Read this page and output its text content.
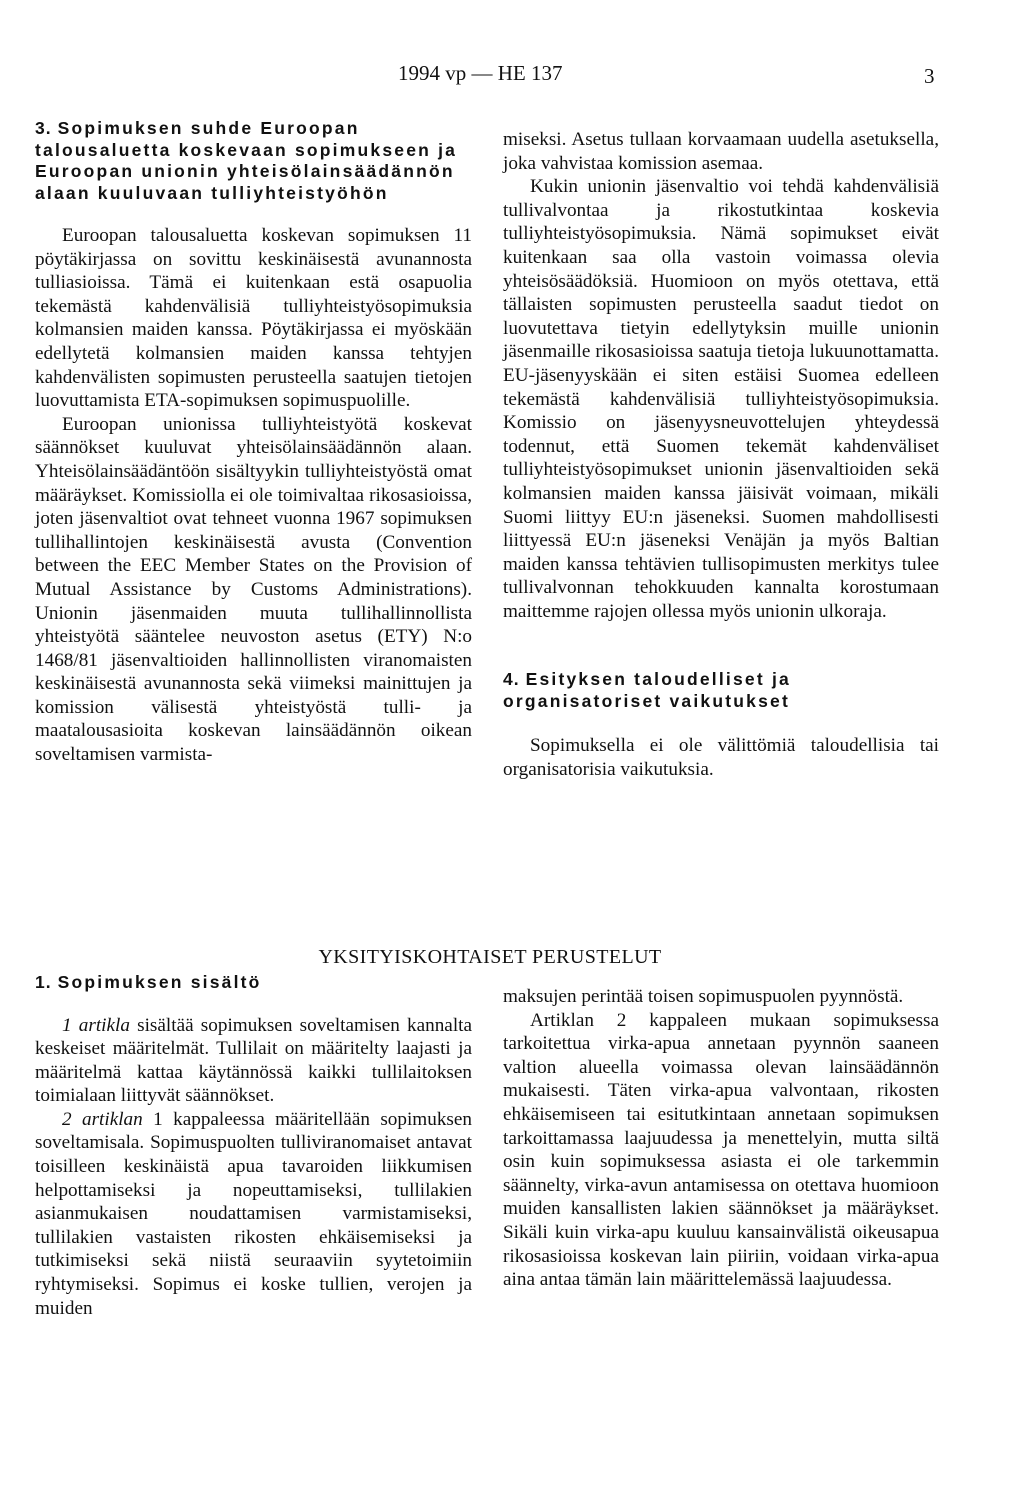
1994 vp — HE 137	3
3. Sopimuksen suhde Euroopan talousaluetta koskevaan sopimukseen ja Euroopan unionin yhteisölainsäädännön alaan kuuluvaan tulliyhteistyöhön

Euroopan talousaluetta koskevan sopimuksen 11 pöytäkirjassa on sovittu keskinäisestä avunannosta tulliasioissa. Tämä ei kuitenkaan estä osapuolia tekemästä kahdenvälisiä tulliyhteistyösopimuksia kolmansien maiden kanssa. Pöytäkirjassa ei myöskään edellytetä kolmansien maiden kanssa tehtyjen kahdenvälisten sopimusten perusteella saatujen tietojen luovuttamista ETA-sopimuksen sopimuspuolille.

Euroopan unionissa tulliyhteistyötä koskevat säännökset kuuluvat yhteisölainsäädännön alaan. Yhteisölainsäädäntöön sisältyykin tulliyhteistyöstä omat määräykset. Komissiolla ei ole toimivaltaa rikosasioissa, joten jäsenvaltiot ovat tehneet vuonna 1967 sopimuksen tullihallintojen keskinäisestä avusta (Convention between the EEC Member States on the Provision of Mutual Assistance by Customs Administrations). Unionin jäsenmaiden muuta tullihallinnollista yhteistyötä sääntelee neuvoston asetus (ETY) N:o 1468/81 jäsenvaltioiden hallinnollisten viranomaisten keskinäisestä avunannosta sekä viimeksi mainittujen ja komission välisestä yhteistyöstä tulli- ja maatalousasioita koskevan lainsäädännön oikean soveltamisen varmista-

miseksi. Asetus tullaan korvaamaan uudella asetuksella, joka vahvistaa komission asemaa.

Kukin unionin jäsenvaltio voi tehdä kahdenvälisiä tullivalvontaa ja rikostutkintaa koskevia tulliyhteistyösopimuksia. Nämä sopimukset eivät kuitenkaan saa olla vastoin voimassa olevia yhteisösäädöksiä. Huomioon on myös otettava, että tällaisten sopimusten perusteella saadut tiedot on luovutettava tietyin edellytyksin muille unionin jäsenmaille rikosasioissa saatuja tietoja lukuunottamatta. EU-jäsenyyskään ei siten estäisi Suomea edelleen tekemästä kahdenvälisiä tulliyhteistyösopimuksia. Komissio on jäsenyysneuvottelujen yhteydessä todennut, että Suomen tekemät kahdenväliset tulliyhteistyösopimukset unionin jäsenvaltioiden sekä kolmansien maiden kanssa jäisivät voimaan, mikäli Suomi liittyy EU:n jäseneksi. Suomen mahdollisesti liittyessä EU:n jäseneksi Venäjän ja myös Baltian maiden kanssa tehtävien tullisopimusten merkitys tulee tullivalvonnan tehokkuuden kannalta korostumaan maittemme rajojen ollessa myös unionin ulkoraja.

4. Esityksen taloudelliset ja organisatoriset vaikutukset

Sopimuksella ei ole välittömiä taloudellisia tai organisatorisia vaikutuksia.

YKSITYISKOHTAISET PERUSTELUT
1. Sopimuksen sisältö

1 artikla sisältää sopimuksen soveltamisen kannalta keskeiset määritelmät. Tullilait on määritelty laajasti ja määritelmä kattaa käytännössä kaikki tullilaitoksen toimialaan liittyvät säännökset.

2 artiklan 1 kappaleessa määritellään sopimuksen soveltamisala. Sopimuspuolten tulliviranomaiset antavat toisilleen keskinäistä apua tavaroiden liikkumisen helpottamiseksi ja nopeuttamiseksi, tullilakien asianmukaisen noudattamisen varmistamiseksi, tullilakien vastaisten rikosten ehkäisemiseksi ja tutkimiseksi sekä niistä seuraaviin syytetoimiin ryhtymiseksi. Sopimus ei koske tullien, verojen ja muiden

maksujen perintää toisen sopimuspuolen pyynnöstä.

Artiklan 2 kappaleen mukaan sopimuksessa tarkoitettua virka-apua annetaan pyynnön saaneen valtion alueella voimassa olevan lainsäädännön mukaisesti. Täten virka-apua valvontaan, rikosten ehkäisemiseen tai esitutkintaan annetaan sopimuksen tarkoittamassa laajuudessa ja menettelyin, mutta siltä osin kuin sopimuksessa asiasta ei ole tarkemmin säännelty, virka-avun antamisessa on otettava huomioon muiden kansallisten lakien säännökset ja määräykset. Sikäli kuin virka-apu kuuluu kansainvälistä oikeusapua rikosasioissa koskevan lain piiriin, voidaan virka-apua aina antaa tämän lain määrittelemässä laajuudessa.
